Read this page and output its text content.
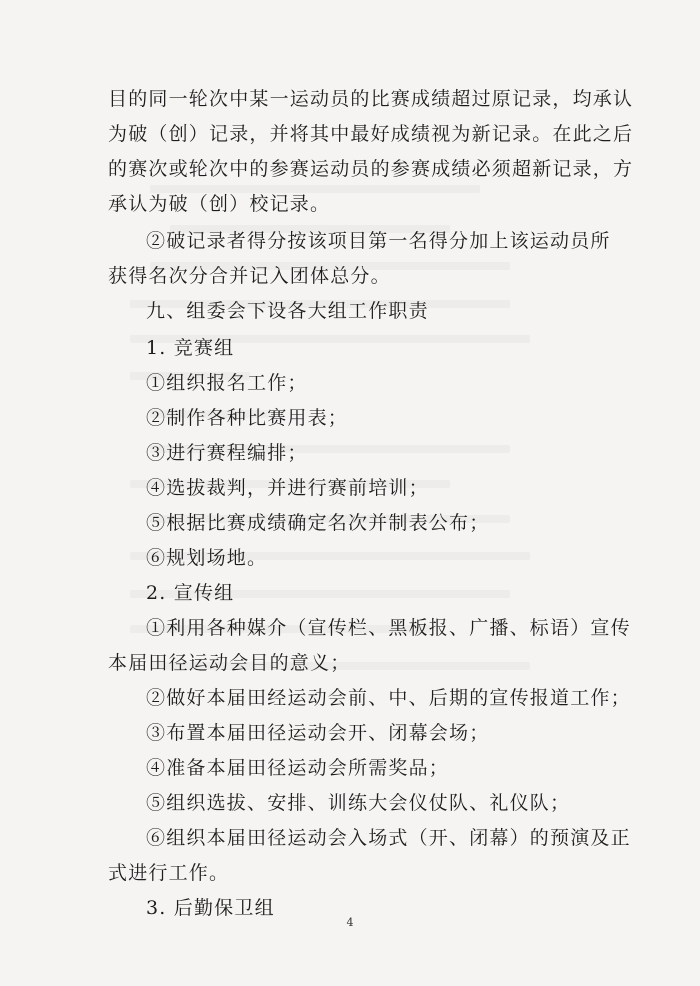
目的同一轮次中某一运动员的比赛成绩超过原记录，均承认
为破（创）记录，并将其中最好成绩视为新记录。在此之后
的赛次或轮次中的参赛运动员的参赛成绩必须超新记录，方
承认为破（创）校记录。
②破记录者得分按该项目第一名得分加上该运动员所
获得名次分合并记入团体总分。
九、组委会下设各大组工作职责
1. 竞赛组
①组织报名工作；
②制作各种比赛用表；
③进行赛程编排；
④选拔裁判，并进行赛前培训；
⑤根据比赛成绩确定名次并制表公布；
⑥规划场地。
2. 宣传组
①利用各种媒介（宣传栏、黑板报、广播、标语）宣传
本届田径运动会目的意义；
②做好本届田经运动会前、中、后期的宣传报道工作；
③布置本届田径运动会开、闭幕会场；
④准备本届田径运动会所需奖品；
⑤组织选拔、安排、训练大会仪仗队、礼仪队；
⑥组织本届田径运动会入场式（开、闭幕）的预演及正
式进行工作。
3. 后勤保卫组
4
